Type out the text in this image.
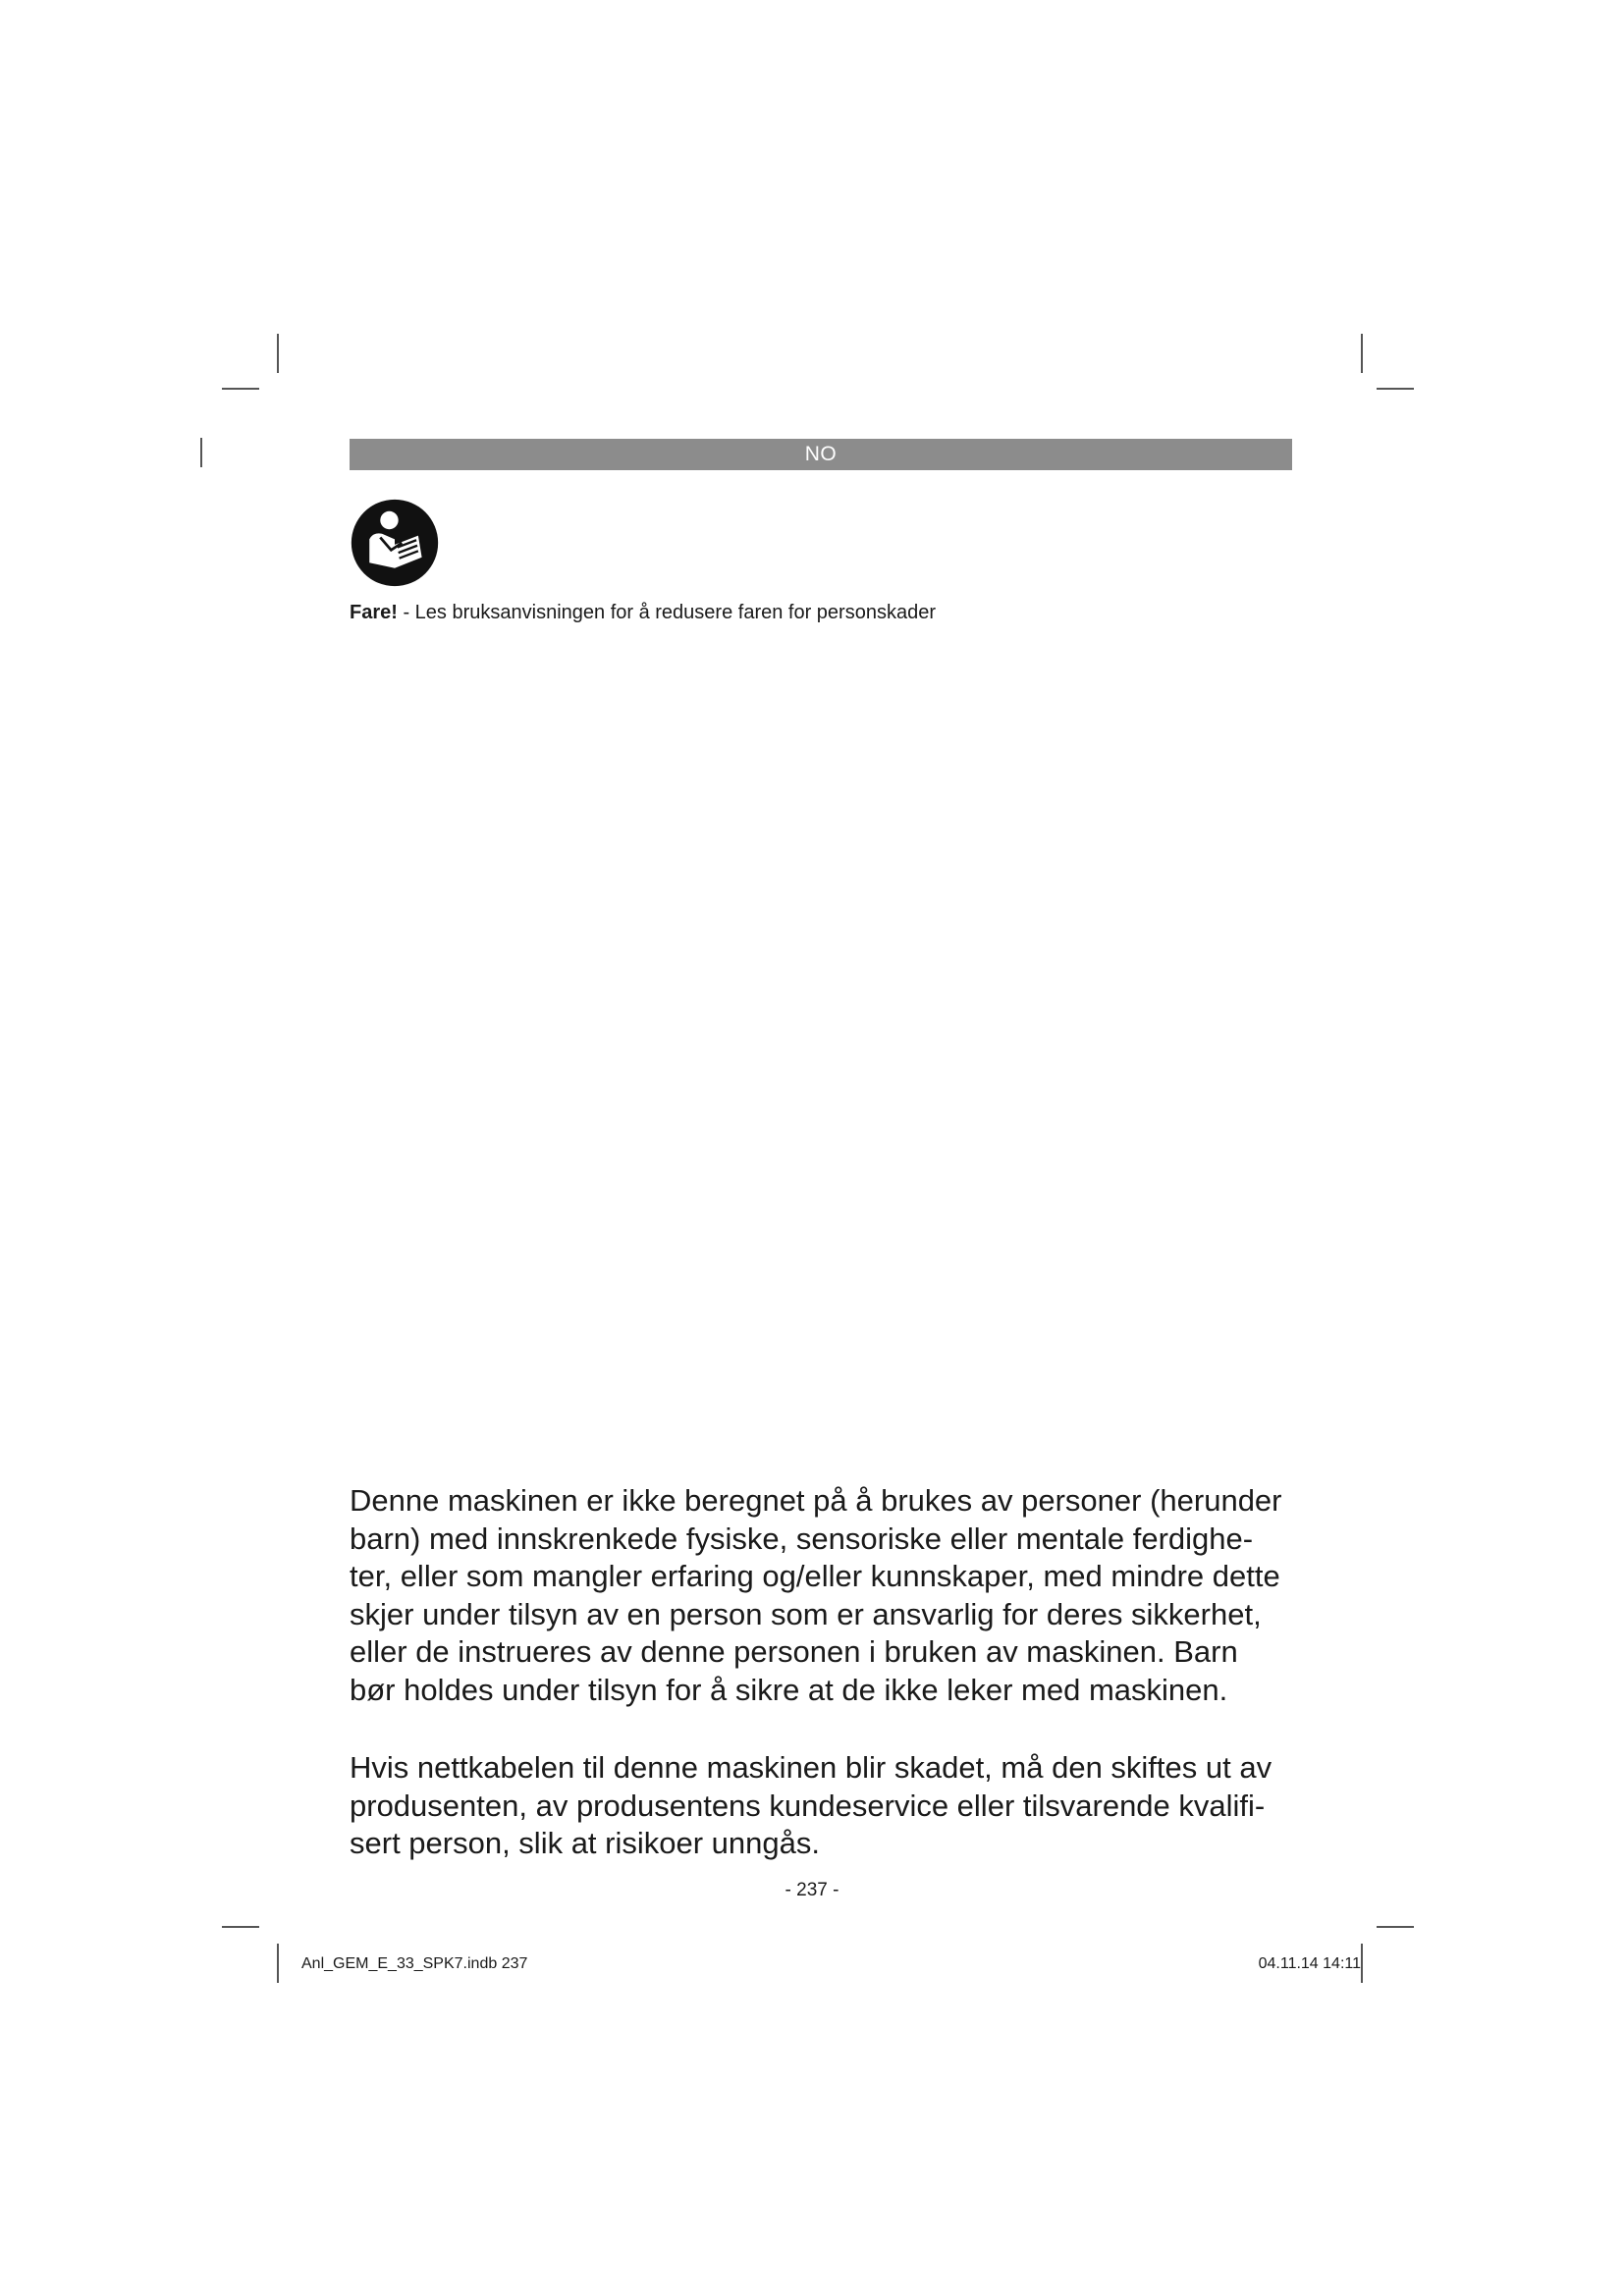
NO
Fare! - Les bruksanvisningen for å redusere faren for personskader
Denne maskinen er ikke beregnet på å brukes av personer (herunder
barn) med innskrenkede fysiske, sensoriske eller mentale ferdighe-
ter, eller som mangler erfaring og/eller kunnskaper, med mindre dette
skjer under tilsyn av en person som er ansvarlig for deres sikkerhet,
eller de instrueres av denne personen i bruken av maskinen. Barn
bør holdes under tilsyn for å sikre at de ikke leker med maskinen.
Hvis nettkabelen til denne maskinen blir skadet, må den skiftes ut av
produsenten, av produsentens kundeservice eller tilsvarende kvalifi-
sert person, slik at risikoer unngås.
- 237 -
Anl_GEM_E_33_SPK7.indb 237	04.11.14 14:11
